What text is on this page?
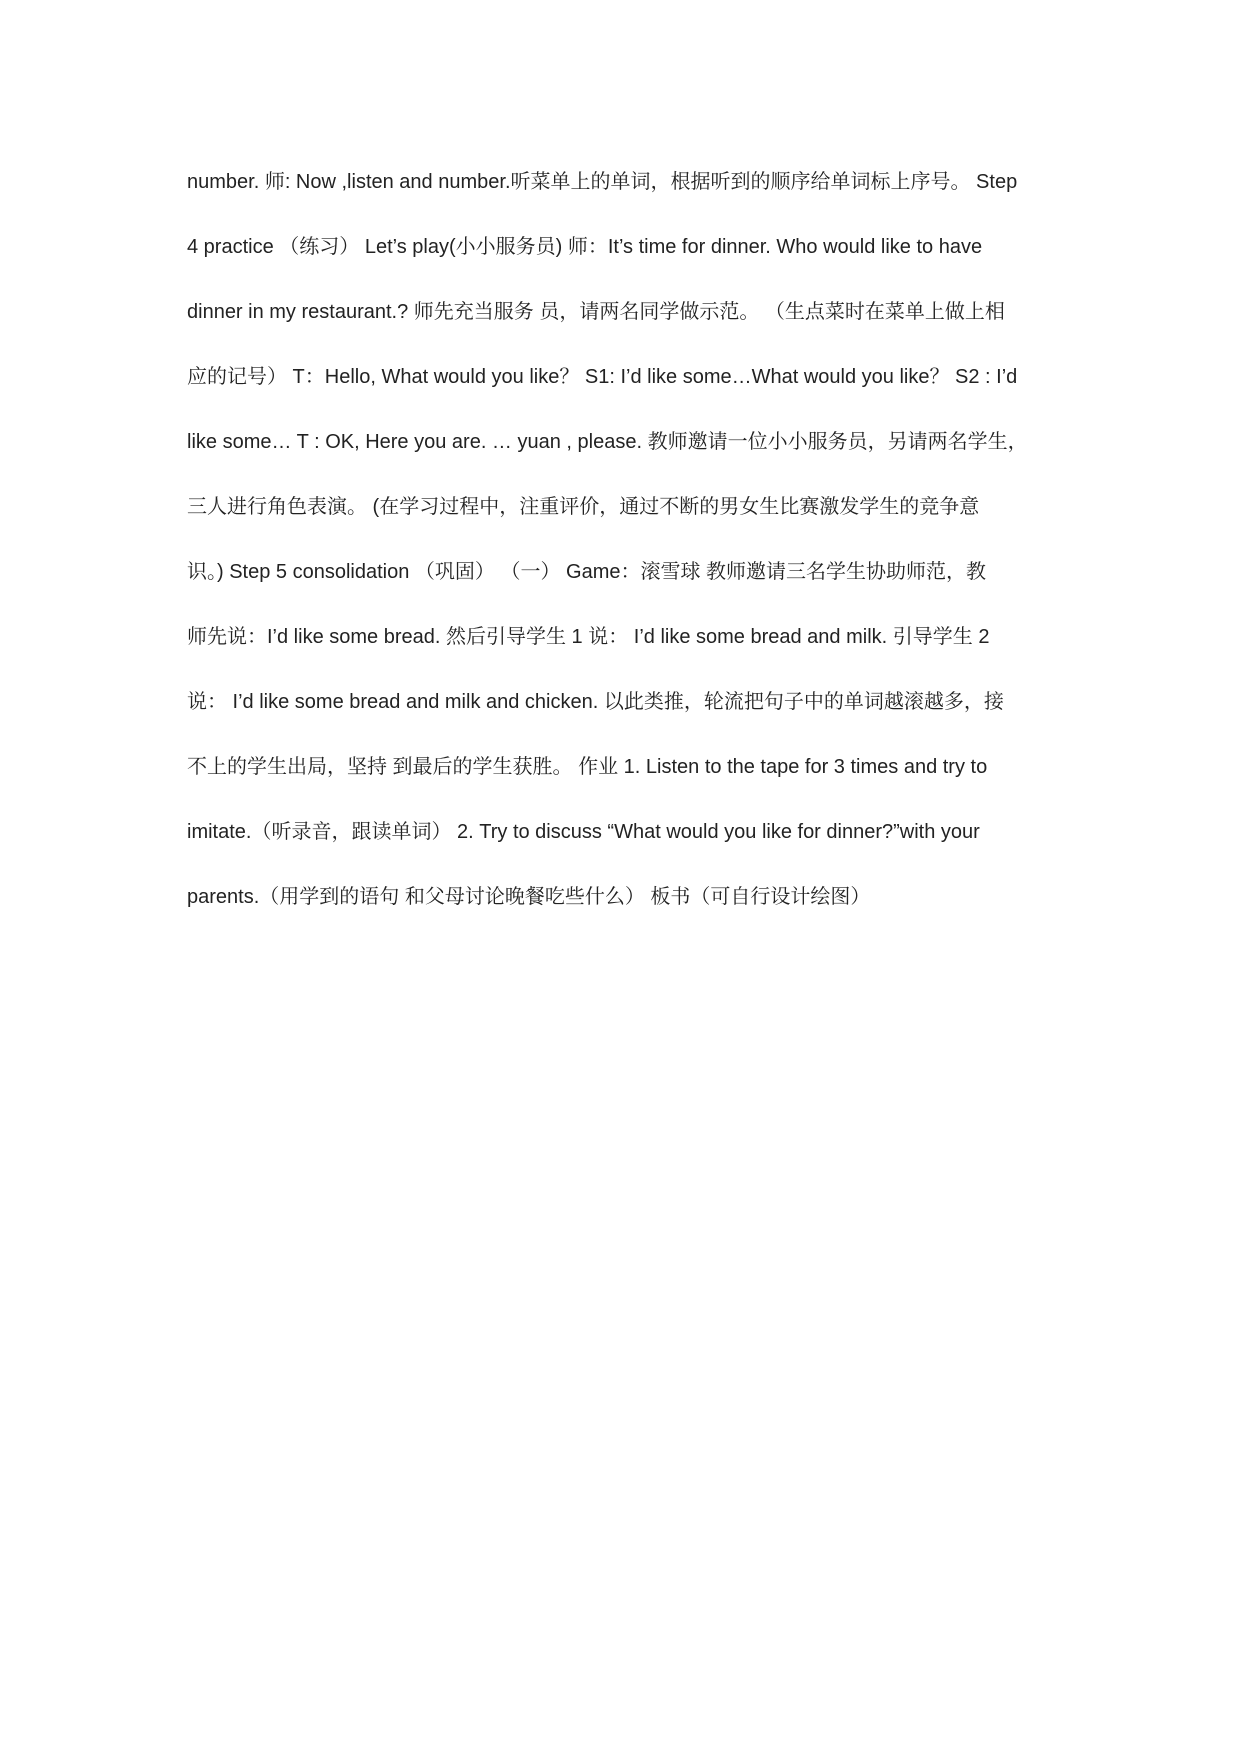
number. 师: Now ,listen and number.听菜单上的单词，根据听到的顺序给单词标上序号。 Step
4 practice （练习） Let’s play(小小服务员) 师：It’s time for dinner. Who would like to have
dinner in my restaurant.? 师先充当服务 员，请两名同学做示范。 （生点菜时在菜单上做上相
应的记号） T：Hello, What would you like？ S1: I’d like some…What would you like？ S2 : I’d
like some… T : OK, Here you are. … yuan , please. 教师邀请一位小小服务员，另请两名学生，
三人进行角色表演。 (在学习过程中，注重评价，通过不断的男女生比赛激发学生的竞争意
识。) Step 5 consolidation （巩固） （一） Game：滚雪球 教师邀请三名学生协助师范，教
师先说：I’d like some bread. 然后引导学生 1 说： I’d like some bread and milk. 引导学生 2
说： I’d like some bread and milk and chicken. 以此类推，轮流把句子中的单词越滚越多，接
不上的学生出局，坚持 到最后的学生获胜。 作业 1. Listen to the tape for 3 times and try to
imitate.（听录音，跟读单词） 2. Try to discuss “What would you like for dinner?”with your
parents.（用学到的语句 和父母讨论晚餐吃些什么） 板书（可自行设计绘图）
